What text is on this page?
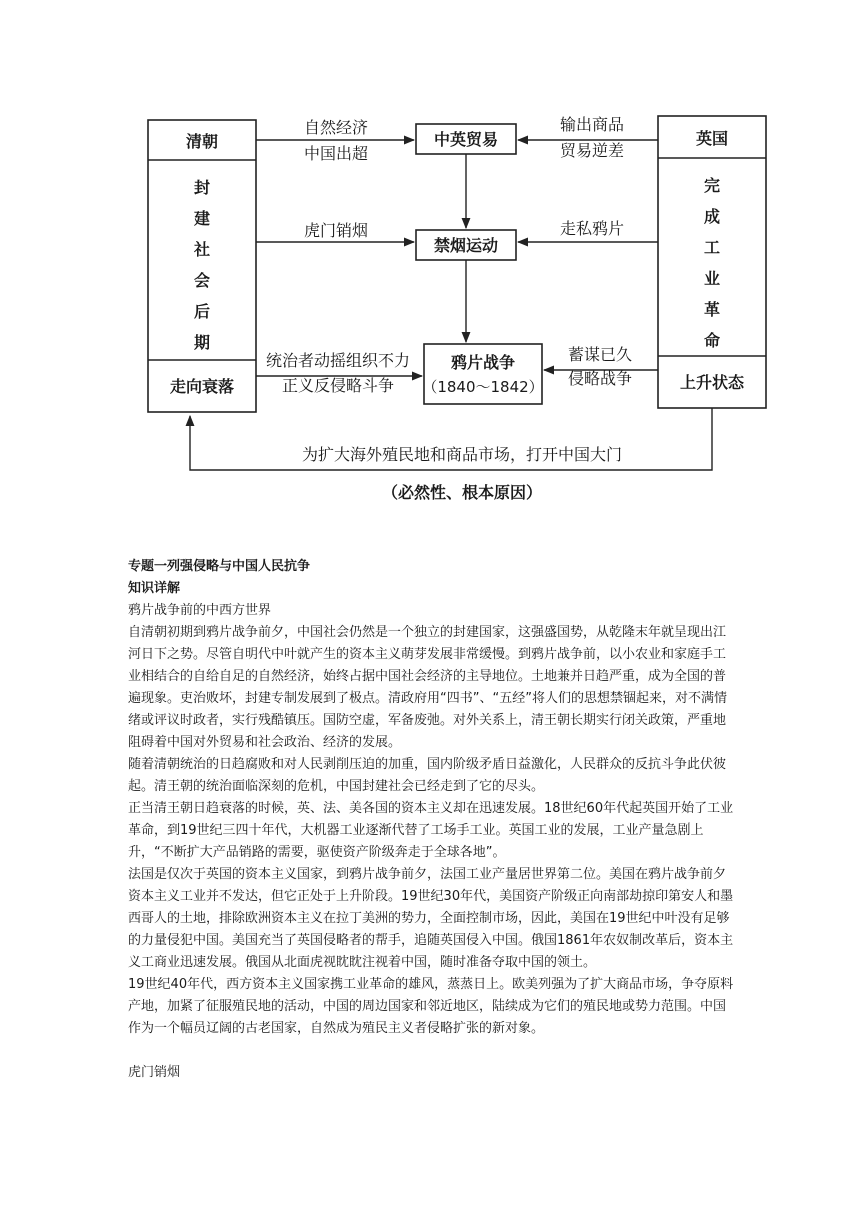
清朝
封
建
社
会
后
期
走向衰落
英国
完
成
工
业
革
命
上升状态
中英贸易
禁烟运动
鸦片战争
（1840～1842）
自然经济
中国出超
输出商品
贸易逆差
虎门销烟	走私鸦片
统治者动摇组织不力
正义反侵略斗争
蓄谋已久
侵略战争
为扩大海外殖民地和商品市场，打开中国大门
（必然性、根本原因）

专题一列强侵略与中国人民抗争

知识详解

鸦片战争前的中西方世界

自清朝初期到鸦片战争前夕，中国社会仍然是一个独立的封建国家，这强盛国势，从乾隆末年就呈现出江河日下之势。尽管自明代中叶就产生的资本主义萌芽发展非常缓慢。到鸦片战争前，以小农业和家庭手工业相结合的自给自足的自然经济，始终占据中国社会经济的主导地位。土地兼并日趋严重，成为全国的普遍现象。吏治败坏，封建专制发展到了极点。清政府用“四书”、“五经”将人们的思想禁锢起来，对不满情绪或评议时政者，实行残酷镇压。国防空虚，军备废弛。对外关系上，清王朝长期实行闭关政策，严重地阻碍着中国对外贸易和社会政治、经济的发展。

随着清朝统治的日趋腐败和对人民剥削压迫的加重，国内阶级矛盾日益激化，人民群众的反抗斗争此伏彼起。清王朝的统治面临深刻的危机，中国封建社会已经走到了它的尽头。

正当清王朝日趋衰落的时候，英、法、美各国的资本主义却在迅速发展。18世纪60年代起英国开始了工业革命，到19世纪三四十年代，大机器工业逐渐代替了工场手工业。英国工业的发展，工业产量急剧上升，“不断扩大产品销路的需要，驱使资产阶级奔走于全球各地”。

法国是仅次于英国的资本主义国家，到鸦片战争前夕，法国工业产量居世界第二位。美国在鸦片战争前夕资本主义工业并不发达，但它正处于上升阶段。19世纪30年代，美国资产阶级正向南部劫掠印第安人和墨西哥人的土地，排除欧洲资本主义在拉丁美洲的势力，全面控制市场，因此，美国在19世纪中叶没有足够的力量侵犯中国。美国充当了英国侵略者的帮手，追随英国侵入中国。俄国1861年农奴制改革后，资本主义工商业迅速发展。俄国从北面虎视眈眈注视着中国，随时准备夺取中国的领土。

19世纪40年代，西方资本主义国家携工业革命的雄风，蒸蒸日上。欧美列强为了扩大商品市场，争夺原料产地，加紧了征服殖民地的活动，中国的周边国家和邻近地区，陆续成为它们的殖民地或势力范围。中国作为一个幅员辽阔的古老国家，自然成为殖民主义者侵略扩张的新对象。

虎门销烟
